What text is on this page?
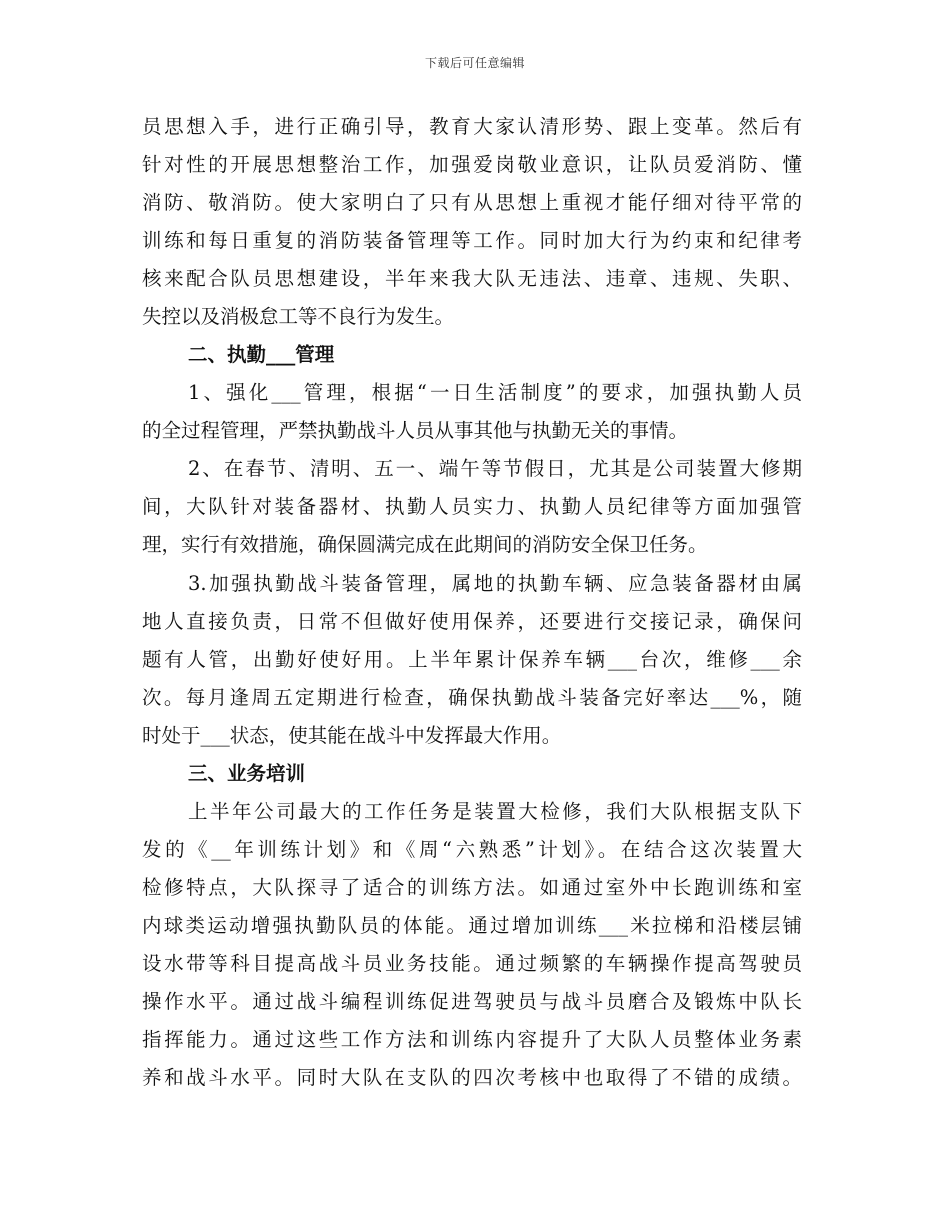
下载后可任意编辑
员思想入手，进行正确引导，教育大家认清形势、跟上变革。然后有
针对性的开展思想整治工作，加强爱岗敬业意识，让队员爱消防、懂
消防、敬消防。使大家明白了只有从思想上重视才能仔细对待平常的
训练和每日重复的消防装备管理等工作。同时加大行为约束和纪律考
核来配合队员思想建设，半年来我大队无违法、违章、违规、失职、
失控以及消极怠工等不良行为发生。
二、执勤___管理
1、强化___管理，根据“一日生活制度”的要求，加强执勤人员
的全过程管理，严禁执勤战斗人员从事其他与执勤无关的事情。
2、在春节、清明、五一、端午等节假日，尤其是公司装置大修期
间，大队针对装备器材、执勤人员实力、执勤人员纪律等方面加强管
理，实行有效措施，确保圆满完成在此期间的消防安全保卫任务。
3.加强执勤战斗装备管理，属地的执勤车辆、应急装备器材由属
地人直接负责，日常不但做好使用保养，还要进行交接记录，确保问
题有人管，出勤好使好用。上半年累计保养车辆___台次，维修___余
次。每月逢周五定期进行检查，确保执勤战斗装备完好率达___%，随
时处于___状态，使其能在战斗中发挥最大作用。
三、业务培训
上半年公司最大的工作任务是装置大检修，我们大队根据支队下
发的《__年训练计划》和《周“六熟悉”计划》。在结合这次装置大
检修特点，大队探寻了适合的训练方法。如通过室外中长跑训练和室
内球类运动增强执勤队员的体能。通过增加训练___米拉梯和沿楼层铺
设水带等科目提高战斗员业务技能。通过频繁的车辆操作提高驾驶员
操作水平。通过战斗编程训练促进驾驶员与战斗员磨合及锻炼中队长
指挥能力。通过这些工作方法和训练内容提升了大队人员整体业务素
养和战斗水平。同时大队在支队的四次考核中也取得了不错的成绩。
